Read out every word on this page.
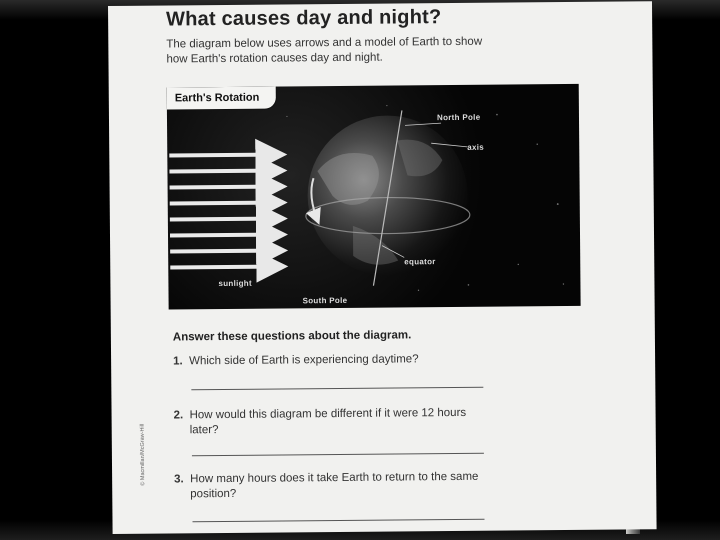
What causes day and night?
The diagram below uses arrows and a model of Earth to show how Earth's rotation causes day and night.
Earth's Rotation
North Pole
axis
equator
sunlight
South Pole
Answer these questions about the diagram.
1. Which side of Earth is experiencing daytime?
2. How would this diagram be different if it were 12 hours later?
3. How many hours does it take Earth to return to the same position?
© Macmillan/McGraw-Hill
